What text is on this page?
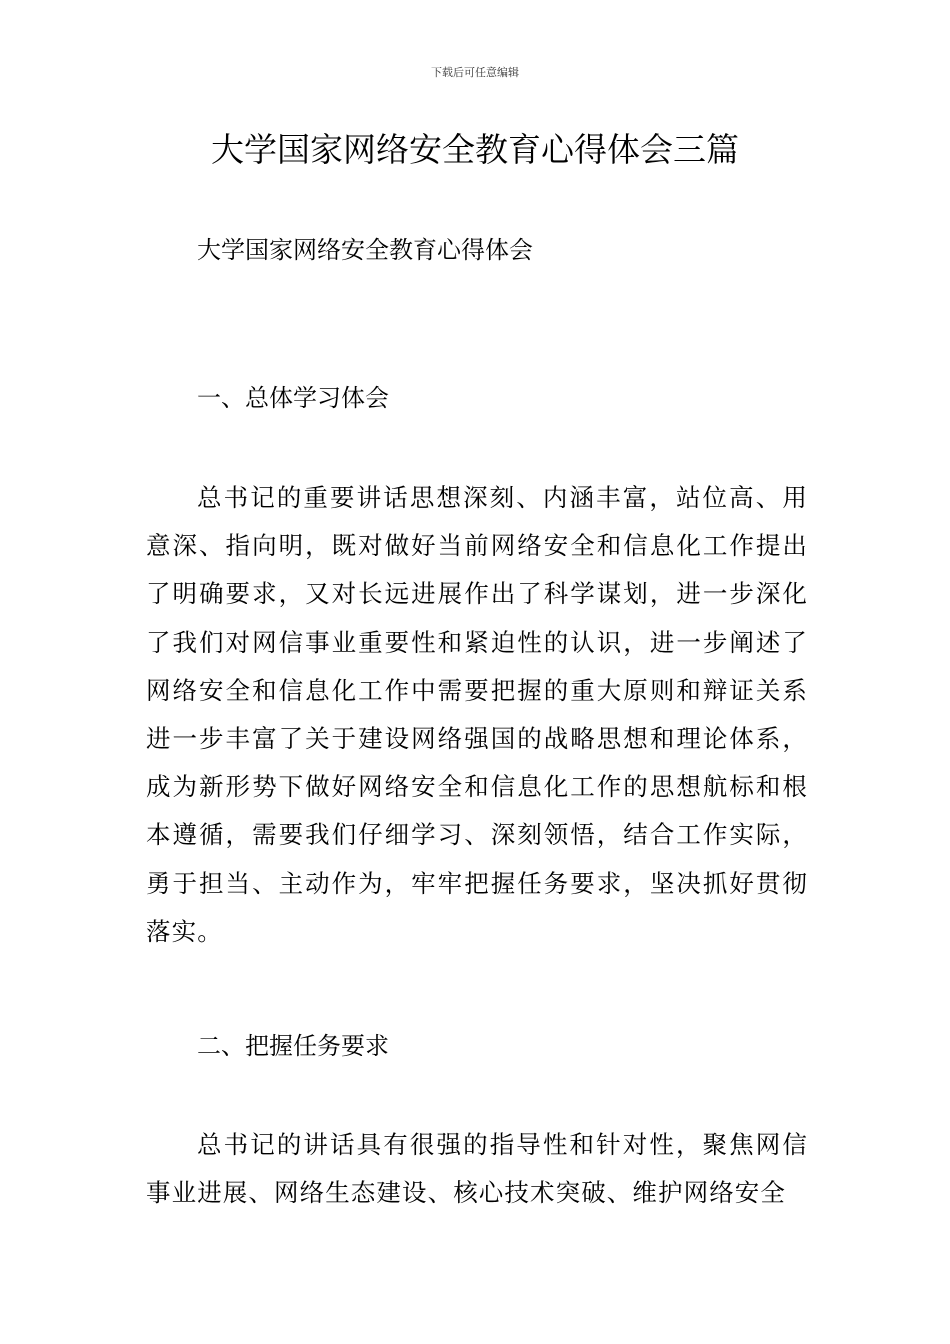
下载后可任意编辑
大学国家网络安全教育心得体会三篇

大学国家网络安全教育心得体会

一、总体学习体会

总书记的重要讲话思想深刻、内涵丰富，站位高、用意深、指向明，既对做好当前网络安全和信息化工作提出了明确要求，又对长远进展作出了科学谋划，进一步深化了我们对网信事业重要性和紧迫性的认识，进一步阐述了网络安全和信息化工作中需要把握的重大原则和辩证关系进一步丰富了关于建设网络强国的战略思想和理论体系，成为新形势下做好网络安全和信息化工作的思想航标和根本遵循，需要我们仔细学习、深刻领悟，结合工作实际，勇于担当、主动作为，牢牢把握任务要求，坚决抓好贯彻落实。

二、把握任务要求

总书记的讲话具有很强的指导性和针对性，聚焦网信事业进展、网络生态建设、核心技术突破、维护网络安全
